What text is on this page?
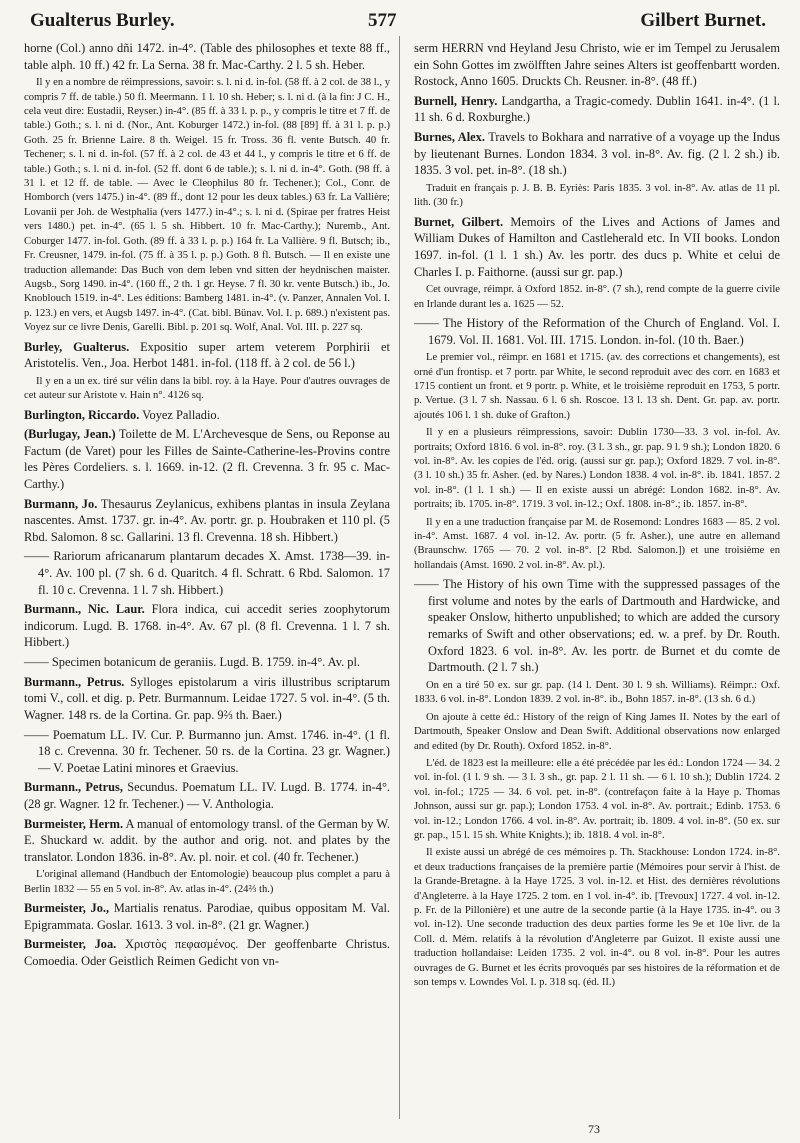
Gualterus Burley.	577	Gilbert Burnet.

horne (Col.) anno dñi 1472. in-4°. (Table des philosophes et texte 88 ff., table alph. 10 ff.) 42 fr. La Serna. 38 fr. Mac-Carthy. 2 l. 5 sh. Heber.

Il y en a nombre de réimpressions, savoir: s. l. ni d. in-fol. (58 ff. à 2 col. de 38 l., y compris 7 ff. de table.) 50 fl. Meermann. 1 l. 10 sh. Heber; s. l. ni d. (à la fin: J C. H., cela veut dire: Eustadii, Reyser.) in-4°. (85 ff. à 33 l. p. p., y compris le titre et 7 ff. de table.) Goth.; s. l. ni d. (Nor., Ant. Koburger 1472.) in-fol. (88 [89] ff. à 31 l. p. p.) Goth. 25 fr. Brienne Laire. 8 th. Weigel. 15 fr. Tross. 36 fl. vente Butsch. 40 fr. Techener; s. l. ni d. in-fol. (57 ff. à 2 col. de 43 et 44 l., y compris le titre et 6 ff. de table.) Goth.; s. l. ni d. in-fol. (52 ff. dont 6 de table.); s. l. ni d. in-4°. Goth. (98 ff. à 31 l. et 12 ff. de table. — Avec le Cleophilus 80 fr. Techener.); Col., Conr. de Homborch (vers 1475.) in-4°. (89 ff., dont 12 pour les deux tables.) 63 fr. La Vallière; Lovanii per Joh. de Westphalia (vers 1477.) in-4°.; s. l. ni d. (Spirae per fratres Heist vers 1480.) pet. in-4°. (65 l. 5 sh. Hibbert. 10 fr. Mac-Carthy.); Nuremb., Ant. Coburger 1477. in-fol. Goth. (89 ff. à 33 l. p. p.) 164 fr. La Vallière. 9 fl. Butsch; ib., Fr. Creusner, 1479. in-fol. (75 ff. à 35 l. p. p.) Goth. 8 fl. Butsch. — Il en existe une traduction allemande: Das Buch von dem leben vnd sitten der heydnischen maister. Augsb., Sorg 1490. in-4°. (160 ff., 2 th. 1 gr. Heyse. 7 fl. 30 kr. vente Butsch.) ib., Jo. Knoblouch 1519. in-4°. Les éditions: Bamberg 1481. in-4°. (v. Panzer, Annalen Vol. I. p. 123.) en vers, et Augsb 1497. in-4°. (Cat. bibl. Bünav. Vol. I. p. 689.) n'existent pas. Voyez sur ce livre Denis, Garelli. Bibl. p. 201 sq. Wolf, Anal. Vol. III. p. 227 sq.

Burley, Gualterus. Expositio super artem veterem Porphirii et Aristotelis. Ven., Joa. Herbot 1481. in-fol. (118 ff. à 2 col. de 56 l.)

Il y en a un ex. tiré sur vélin dans la bibl. roy. à la Haye. Pour d'autres ouvrages de cet auteur sur Aristote v. Hain n°. 4126 sq.

Burlington, Riccardo. Voyez Palladio.

(Burlugay, Jean.) Toilette de M. L'Archevesque de Sens, ou Reponse au Factum (de Varet) pour les Filles de Sainte-Catherine-les-Provins contre les Pères Cordeliers. s. l. 1669. in-12. (2 fl. Crevenna. 3 fr. 95 c. Mac-Carthy.)

Burmann, Jo. Thesaurus Zeylanicus, exhibens plantas in insula Zeylana nascentes. Amst. 1737. gr. in-4°. Av. portr. gr. p. Houbraken et 110 pl. (5 Rbd. Salomon. 8 sc. Gallarini. 13 fl. Crevenna. 18 sh. Hibbert.)

—— Rariorum africanarum plantarum decades X. Amst. 1738—39. in-4°. Av. 100 pl. (7 sh. 6 d. Quaritch. 4 fl. Schratt. 6 Rbd. Salomon. 17 fl. 10 c. Crevenna. 1 l. 7 sh. Hibbert.)

Burmann., Nic. Laur. Flora indica, cui accedit series zoophytorum indicorum. Lugd. B. 1768. in-4°. Av. 67 pl. (8 fl. Crevenna. 1 l. 7 sh. Hibbert.)

—— Specimen botanicum de geraniis. Lugd. B. 1759. in-4°. Av. pl.

Burmann., Petrus. Sylloges epistolarum a viris illustribus scriptarum tomi V., coll. et dig. p. Petr. Burmannum. Leidae 1727. 5 vol. in-4°. (5 th. Wagner. 148 rs. de la Cortina. Gr. pap. 9⅔ th. Baer.)

—— Poematum LL. IV. Cur. P. Burmanno jun. Amst. 1746. in-4°. (1 fl. 18 c. Crevenna. 30 fr. Techener. 50 rs. de la Cortina. 23 gr. Wagner.) — V. Poetae Latini minores et Graevius.

Burmann., Petrus, Secundus. Poematum LL. IV. Lugd. B. 1774. in-4°. (28 gr. Wagner. 12 fr. Techener.) — V. Anthologia.

Burmeister, Herm. A manual of entomology transl. of the German by W. E. Shuckard w. addit. by the author and orig. not. and plates by the translator. London 1836. in-8°. Av. pl. noir. et col. (40 fr. Techener.)

L'original allemand (Handbuch der Entomologie) beaucoup plus complet a paru à Berlin 1832 — 55 en 5 vol. in-8°. Av. atlas in-4°. (24⅔ th.)

Burmeister, Jo., Martialis renatus. Parodiae, quibus oppositam M. Val. Epigrammata. Goslar. 1613. 3 vol. in-8°. (21 gr. Wagner.)

Burmeister, Joa. Χριστὸς πεφασμένος. Der geoffenbarte Christus. Comoedia. Oder Geistlich Reimen Gedicht von vn-

serm HERRN vnd Heyland Jesu Christo, wie er im Tempel zu Jerusalem ein Sohn Gottes im zwölfften Jahre seines Alters ist geoffenbartt worden. Rostock, Anno 1605. Druckts Ch. Reusner. in-8°. (48 ff.)

Burnell, Henry. Landgartha, a Tragic-comedy. Dublin 1641. in-4°. (1 l. 11 sh. 6 d. Roxburghe.)

Burnes, Alex. Travels to Bokhara and narrative of a voyage up the Indus by lieutenant Burnes. London 1834. 3 vol. in-8°. Av. fig. (2 l. 2 sh.) ib. 1835. 3 vol. pet. in-8°. (18 sh.)

Traduit en français p. J. B. B. Eyriès: Paris 1835. 3 vol. in-8°. Av. atlas de 11 pl. lith. (30 fr.)

Burnet, Gilbert. Memoirs of the Lives and Actions of James and William Dukes of Hamilton and Castleherald etc. In VII books. London 1697. in-fol. (1 l. 1 sh.) Av. les portr. des ducs p. White et celui de Charles I. p. Faithorne. (aussi sur gr. pap.)

Cet ouvrage, réimpr. à Oxford 1852. in-8°. (7 sh.), rend compte de la guerre civile en Irlande durant les a. 1625 — 52.

—— The History of the Reformation of the Church of England. Vol. I. 1679. Vol. II. 1681. Vol. III. 1715. London. in-fol. (10 th. Baer.)

Le premier vol., réimpr. en 1681 et 1715. (av. des corrections et changements), est orné d'un frontisp. et 7 portr. par White, le second reproduit avec des corr. en 1683 et 1715 contient un front. et 9 portr. p. White, et le troisième reproduit en 1753, 5 portr. p. Vertue. (3 l. 7 sh. Nassau. 6 l. 6 sh. Roscoe. 13 l. 13 sh. Dent. Gr. pap. av. portr. ajoutés 106 l. 1 sh. duke of Grafton.)

Il y en a plusieurs réimpressions, savoir: Dublin 1730—33. 3 vol. in-fol. Av. portraits; Oxford 1816. 6 vol. in-8°. roy. (3 l. 3 sh., gr. pap. 9 l. 9 sh.); London 1820. 6 vol. in-8°. Av. les copies de l'éd. orig. (aussi sur gr. pap.); Oxford 1829. 7 vol. in-8°. (3 l. 10 sh.) 35 fr. Asher. (ed. by Nares.) London 1838. 4 vol. in-8°. ib. 1841. 1857. 2 vol. in-8°. (1 l. 1 sh.) — Il en existe aussi un abrégé: London 1682. in-8°. Av. portraits; ib. 1705. in-8°. 1719. 3 vol. in-12.; Oxf. 1808. in-8°.; ib. 1857. in-8°.

Il y en a une traduction française par M. de Rosemond: Londres 1683 — 85. 2 vol. in-4°. Amst. 1687. 4 vol. in-12. Av. portr. (5 fr. Asher.), une autre en allemand (Braunschw. 1765 — 70. 2 vol. in-8°. [2 Rbd. Salomon.]) et une troisième en hollandais (Amst. 1690. 2 vol. in-8°. Av. pl.).

—— The History of his own Time with the suppressed passages of the first volume and notes by the earls of Dartmouth and Hardwicke, and speaker Onslow, hitherto unpublished; to which are added the cursory remarks of Swift and other observations; ed. w. a pref. by Dr. Routh. Oxford 1823. 6 vol. in-8°. Av. les portr. de Burnet et du comte de Dartmouth. (2 l. 7 sh.)

On en a tiré 50 ex. sur gr. pap. (14 l. Dent. 30 l. 9 sh. Williams). Réimpr.: Oxf. 1833. 6 vol. in-8°. London 1839. 2 vol. in-8°. ib., Bohn 1857. in-8°. (13 sh. 6 d.)

On ajoute à cette éd.: History of the reign of King James II. Notes by the earl of Dartmouth, Speaker Onslow and Dean Swift. Additional observations now enlarged and edited (by Dr. Routh). Oxford 1852. in-8°.

L'éd. de 1823 est la meilleure: elle a été précédée par les éd.: London 1724 — 34. 2 vol. in-fol. (1 l. 9 sh. — 3 l. 3 sh., gr. pap. 2 l. 11 sh. — 6 l. 10 sh.); Dublin 1724. 2 vol. in-fol.; 1725 — 34. 6 vol. pet. in-8°. (contrefaçon faite à la Haye p. Thomas Johnson, aussi sur gr. pap.); London 1753. 4 vol. in-8°. Av. portrait.; Edinb. 1753. 6 vol. in-12.; London 1766. 4 vol. in-8°. Av. portrait; ib. 1809. 4 vol. in-8°. (50 ex. sur gr. pap., 15 l. 15 sh. White Knights.); ib. 1818. 4 vol. in-8°.

Il existe aussi un abrégé de ces mémoires p. Th. Stackhouse: London 1724. in-8°. et deux traductions françaises de la première partie (Mémoires pour servir à l'hist. de la Grande-Bretagne. à la Haye 1725. 3 vol. in-12. et Hist. des dernières révolutions d'Angleterre. à la Haye 1725. 2 tom. en 1 vol. in-4°. ib. [Trevoux] 1727. 4 vol. in-12. p. Fr. de la Pillonière) et une autre de la seconde partie (à la Haye 1735. in-4°. ou 3 vol. in-12). Une seconde traduction des deux parties forme les 9e et 10e livr. de la Coll. d. Mém. relatifs à la révolution d'Angleterre par Guizot. Il existe aussi une traduction hollandaise: Leiden 1735. 2 vol. in-4°. ou 8 vol. in-8°. Pour les autres ouvrages de G. Burnet et les écrits provoqués par ses histoires de la réformation et de son temps v. Lowndes Vol. I. p. 318 sq. (éd. II.)

73
